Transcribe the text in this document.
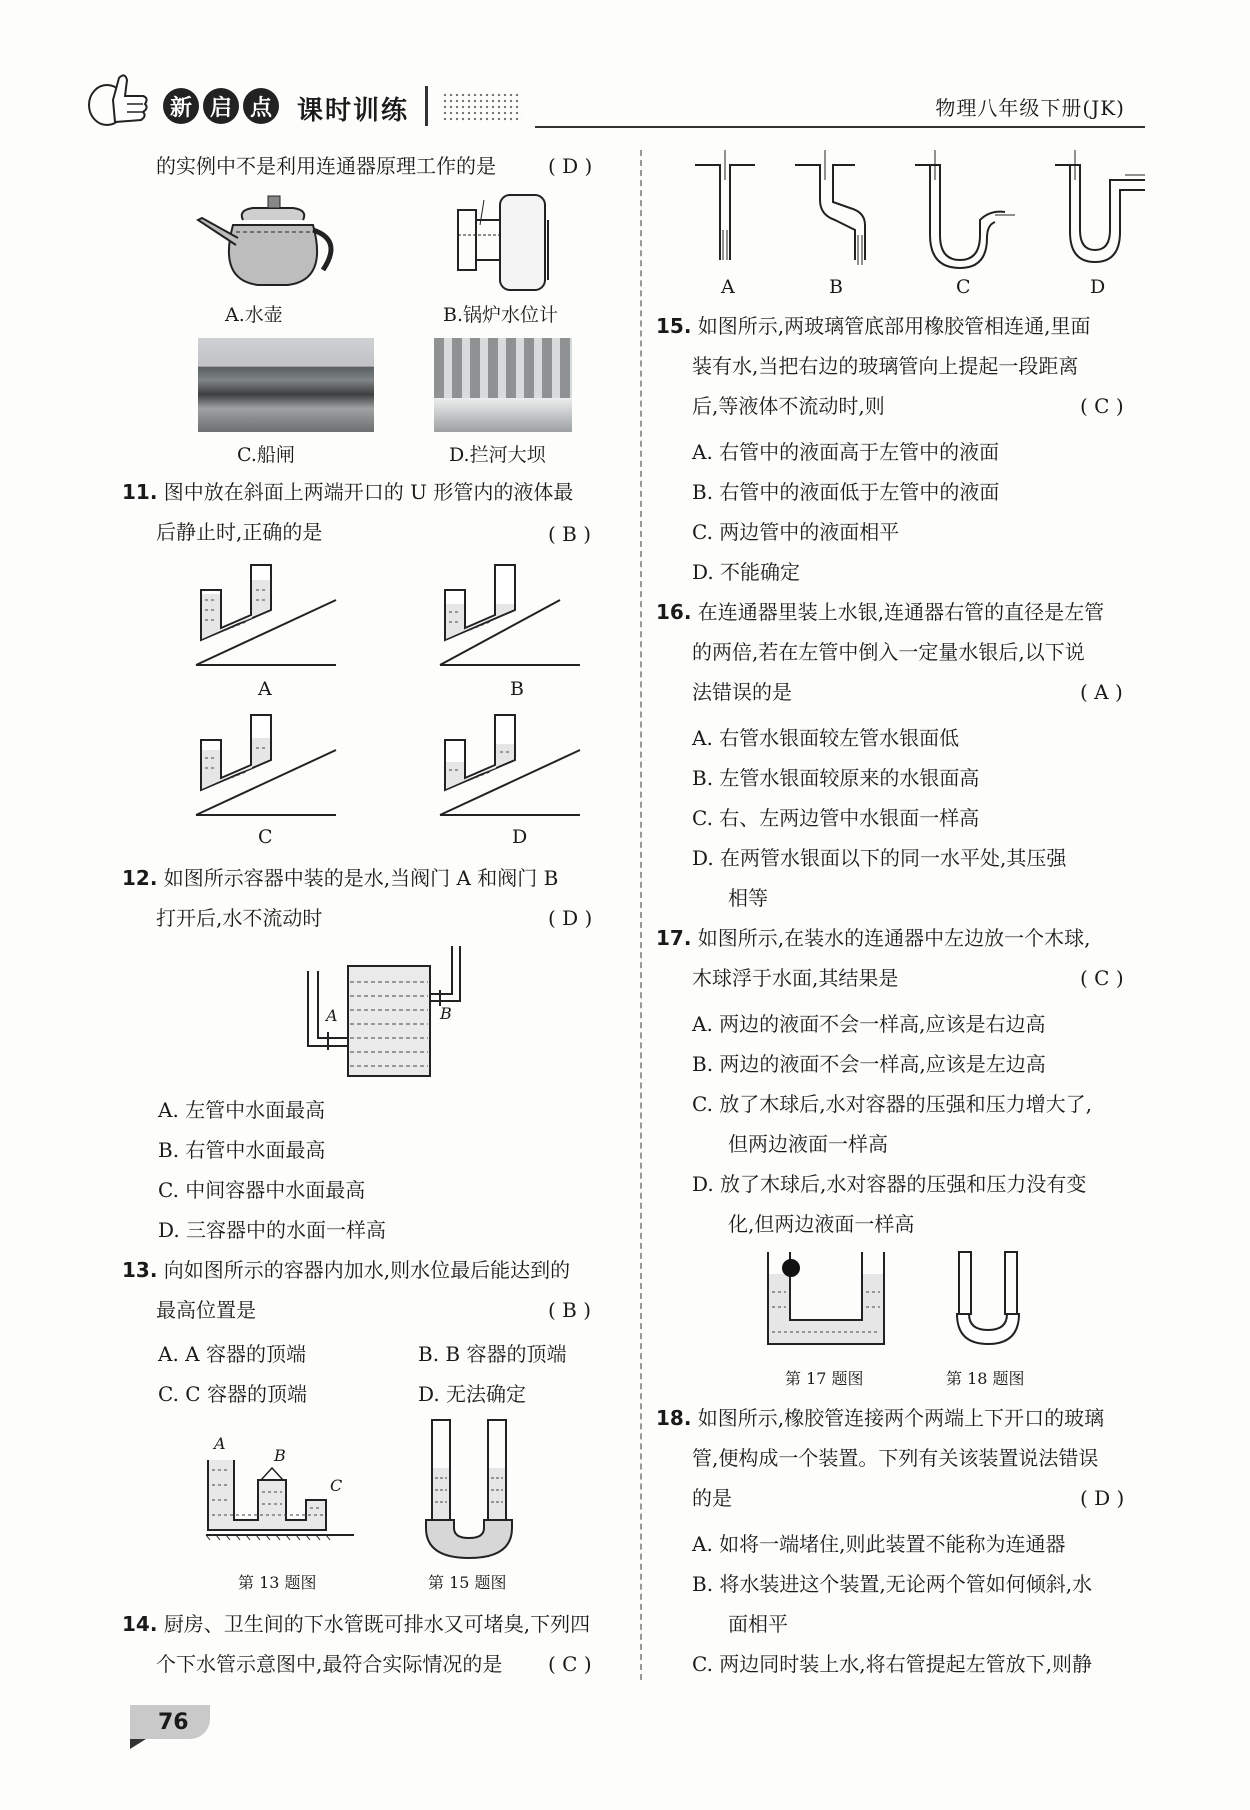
新 启 点 课时训练	物理八年级下册(JK)
的实例中不是利用连通器原理工作的是	( D )
A.水壶	B.锅炉水位计
C.船闸	D.拦河大坝
11. 图中放在斜面上两端开口的 U 形管内的液体最
后静止时,正确的是	( B )
A	B
C	D
12. 如图所示容器中装的是水,当阀门 A 和阀门 B
打开后,水不流动时	( D )
A	B
A. 左管中水面最高
B. 右管中水面最高
C. 中间容器中水面最高
D. 三容器中的水面一样高
13. 向如图所示的容器内加水,则水位最后能达到的
最高位置是	( B )
A. A 容器的顶端	B. B 容器的顶端
C. C 容器的顶端	D. 无法确定
A
B
C
第 13 题图	第 15 题图
14. 厨房、卫生间的下水管既可排水又可堵臭,下列四
个下水管示意图中,最符合实际情况的是 ( C )
A	B	C	D
15. 如图所示,两玻璃管底部用橡胶管相连通,里面
装有水,当把右边的玻璃管向上提起一段距离
后,等液体不流动时,则	( C )
A. 右管中的液面高于左管中的液面
B. 右管中的液面低于左管中的液面
C. 两边管中的液面相平
D. 不能确定
16. 在连通器里装上水银,连通器右管的直径是左管
的两倍,若在左管中倒入一定量水银后,以下说
法错误的是	( A )
A. 右管水银面较左管水银面低
B. 左管水银面较原来的水银面高
C. 右、左两边管中水银面一样高
D. 在两管水银面以下的同一水平处,其压强
相等
17. 如图所示,在装水的连通器中左边放一个木球,
木球浮于水面,其结果是	( C )
A. 两边的液面不会一样高,应该是右边高
B. 两边的液面不会一样高,应该是左边高
C. 放了木球后,水对容器的压强和压力增大了,
但两边液面一样高
D. 放了木球后,水对容器的压强和压力没有变
化,但两边液面一样高
第 17 题图	第 18 题图
18. 如图所示,橡胶管连接两个两端上下开口的玻璃
管,便构成一个装置。下列有关该装置说法错误
的是	( D )
A. 如将一端堵住,则此装置不能称为连通器
B. 将水装进这个装置,无论两个管如何倾斜,水
面相平
C. 两边同时装上水,将右管提起左管放下,则静
76
